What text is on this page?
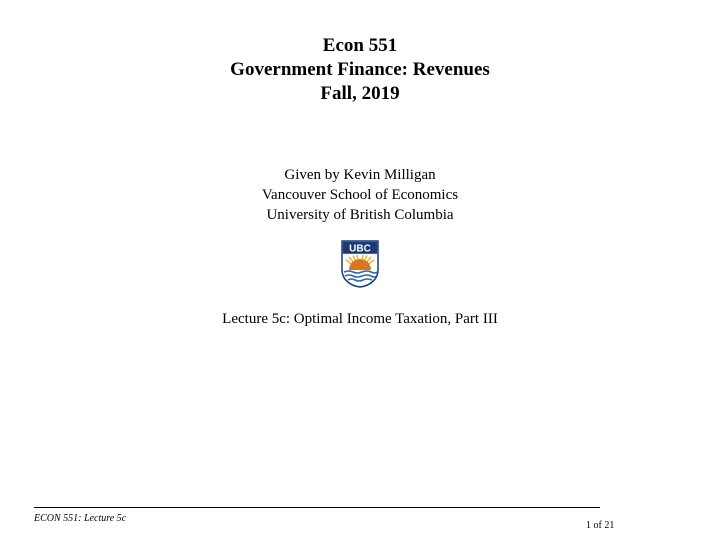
Econ 551
Government Finance: Revenues
Fall, 2019
Given by Kevin Milligan
Vancouver School of Economics
University of British Columbia
UBC
Lecture 5c: Optimal Income Taxation, Part III
ECON 551: Lecture 5c
1 of 21
